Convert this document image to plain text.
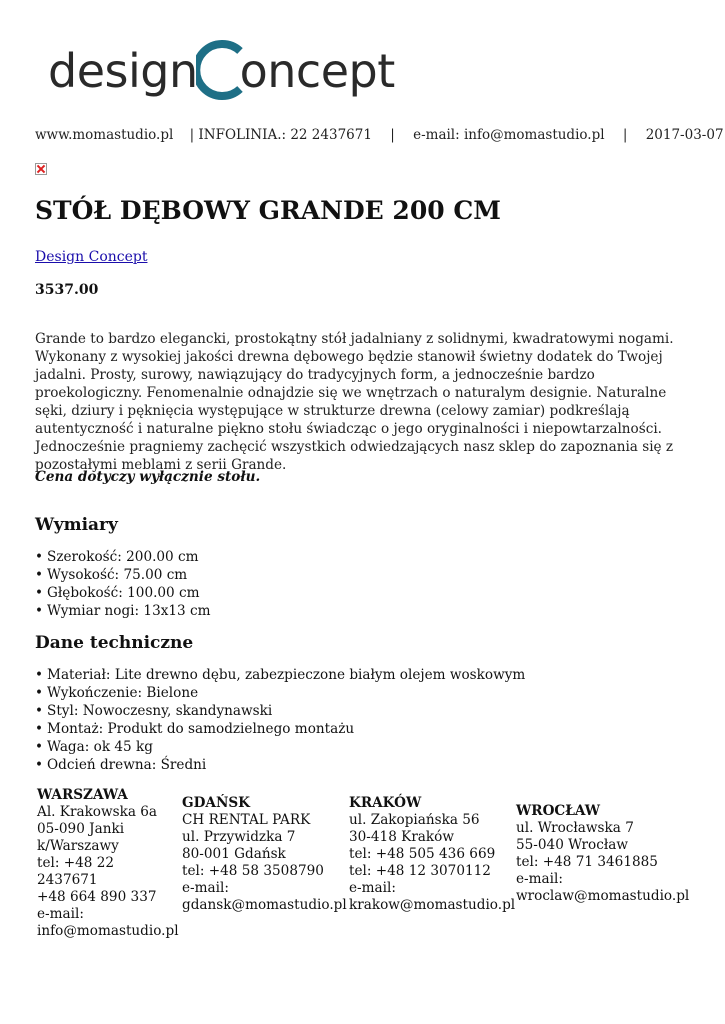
design oncept
www.momastudio.pl | INFOLINIA.: 22 2437671 | e-mail: info@momastudio.pl | 2017-03-07
STÓŁ DĘBOWY GRANDE 200 CM
Design Concept
3537.00

Grande to bardzo elegancki, prostokątny stół jadalniany z solidnymi, kwadratowymi nogami. Wykonany z wysokiej jakości drewna dębowego będzie stanowił świetny dodatek do Twojej jadalni. Prosty, surowy, nawiązujący do tradycyjnych form, a jednocześnie bardzo proekologiczny. Fenomenalnie odnajdzie się we wnętrzach o naturalym designie. Naturalne sęki, dziury i pęknięcia występujące w strukturze drewna (celowy zamiar) podkreślają autentyczność i naturalne piękno stołu świadcząc o jego oryginalności i niepowtarzalności. Jednocześnie pragniemy zachęcić wszystkich odwiedzających nasz sklep do zapoznania się z pozostałymi meblami z serii Grande.

Cena dotyczy wyłącznie stołu.
Wymiary
• Szerokość: 200.00 cm
• Wysokość: 75.00 cm
• Głębokość: 100.00 cm
• Wymiar nogi: 13x13 cm
Dane techniczne
• Materiał: Lite drewno dębu, zabezpieczone białym olejem woskowym
• Wykończenie: Bielone
• Styl: Nowoczesny, skandynawski
• Montaż: Produkt do samodzielnego montażu
• Waga: ok 45 kg
• Odcień drewna: Średni
WARSZAWA
Al. Krakowska 6a
05-090 Janki
k/Warszawy
tel: +48 22 2437671
+48 664 890 337
e-mail:
info@momastudio.pl
GDAŃSK
CH RENTAL PARK
ul. Przywidzka 7
80-001 Gdańsk
tel: +48 58 3508790
e-mail:
gdansk@momastudio.pl
KRAKÓW
ul. Zakopiańska 56
30-418 Kraków
tel: +48 505 436 669
tel: +48 12 3070112
e-mail:
krakow@momastudio.pl
WROCŁAW
ul. Wrocławska 7
55-040 Wrocław
tel: +48 71 3461885
e-mail:
wroclaw@momastudio.pl
